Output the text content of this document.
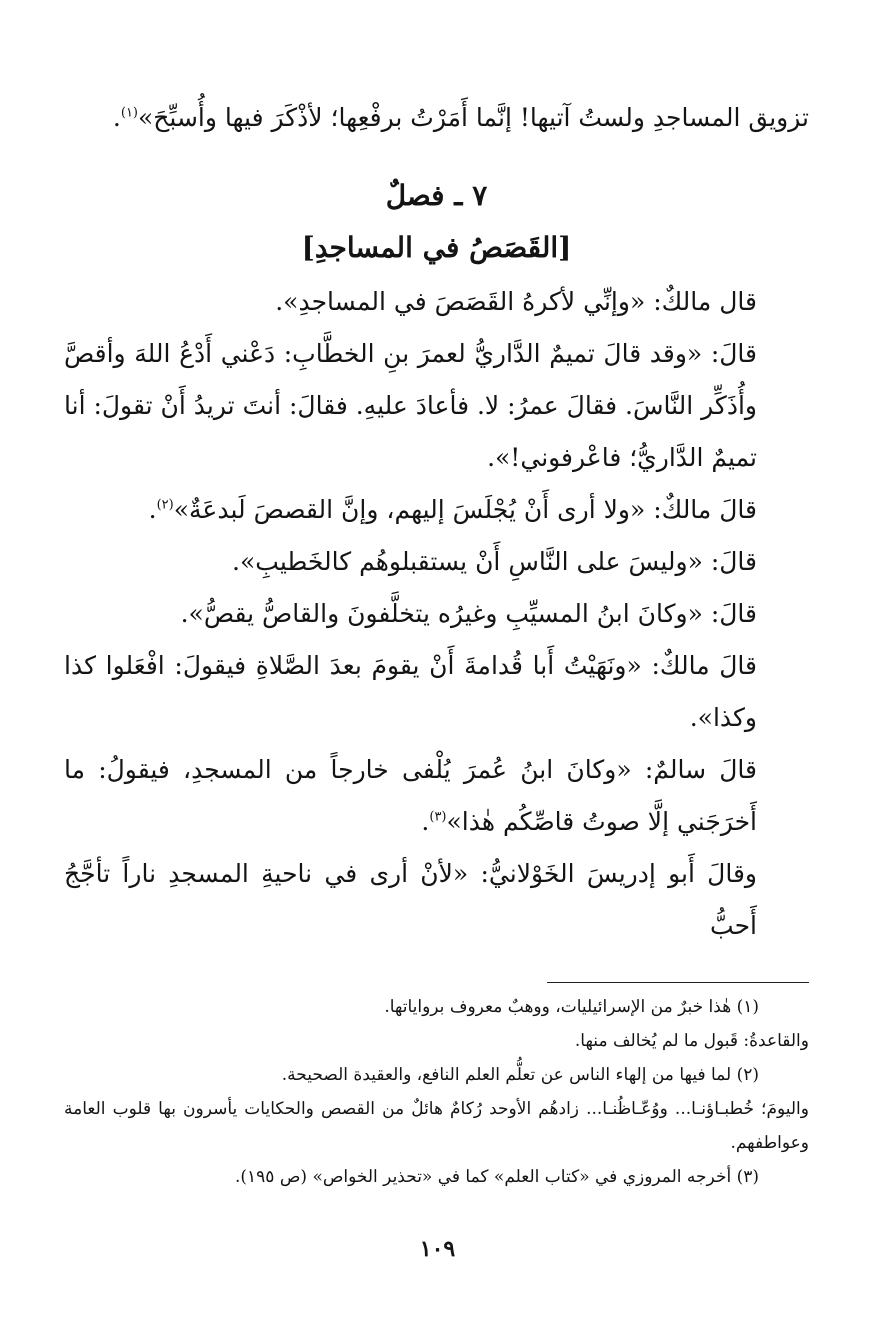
تزويق المساجدِ ولستُ آتيها! إنَّما أَمَرْتُ برفْعِها؛ لأذْكَرَ فيها وأُسبِّحَ»$^{(١)}$.

٧ ـ فصلٌ
[القَصَصُ في المساجدِ]

قال مالكٌ: «وإنِّي لأكرهُ القَصَصَ في المساجدِ».

قالَ: «وقد قالَ تميمٌ الدَّاريُّ لعمرَ بنِ الخطَّابِ: دَعْني أَدْعُ اللهَ وأقصَّ وأُذَكِّر النَّاسَ. فقالَ عمرُ: لا. فأعادَ عليهِ. فقالَ: أنتَ تريدُ أَنْ تقولَ: أنا تميمٌ الدَّاريُّ؛ فاعْرفوني!».

قالَ مالكٌ: «ولا أرى أَنْ يُجْلَسَ إليهم، وإنَّ القصصَ لَبدعَةٌ»$^{(٢)}$.

قالَ: «وليسَ على النَّاسِ أَنْ يستقبلوهُم كالخَطيبِ».

قالَ: «وكانَ ابنُ المسيِّبِ وغيرُه يتخلَّفونَ والقاصُّ يقصُّ».

قالَ مالكٌ: «ونَهَيْتُ أَبا قُدامةَ أَنْ يقومَ بعدَ الصَّلاةِ فيقولَ: افْعَلوا كذا وكذا».

قالَ سالمٌ: «وكانَ ابنُ عُمرَ يُلْفى خارجاً من المسجدِ، فيقولُ: ما أَخرَجَني إلَّا صوتُ قاصِّكُم هٰذا»$^{(٣)}$.

وقالَ أَبو إدريسَ الخَوْلانيُّ: «لأنْ أرى في ناحيةِ المسجدِ ناراً تأجَّجُ أَحبُّ

(١) هٰذا خبرٌ من الإسرائيليات، ووهبٌ معروف برواياتها.

والقاعدةُ: قَبول ما لم يُخالف منها.

(٢) لما فيها من إلهاء الناس عن تعلُّم العلم النافع، والعقيدة الصحيحة.

واليومَ؛ خُطبـاؤنـا... ووُعّـاظُنـا... زادهُم الأوحد رُكامٌ هائلٌ من القصص والحكايات يأسرون بها قلوب العامة وعواطفهم.

(٣) أخرجه المروزي في «كتاب العلم» كما في «تحذير الخواص» (ص ١٩٥).

١٠٩
